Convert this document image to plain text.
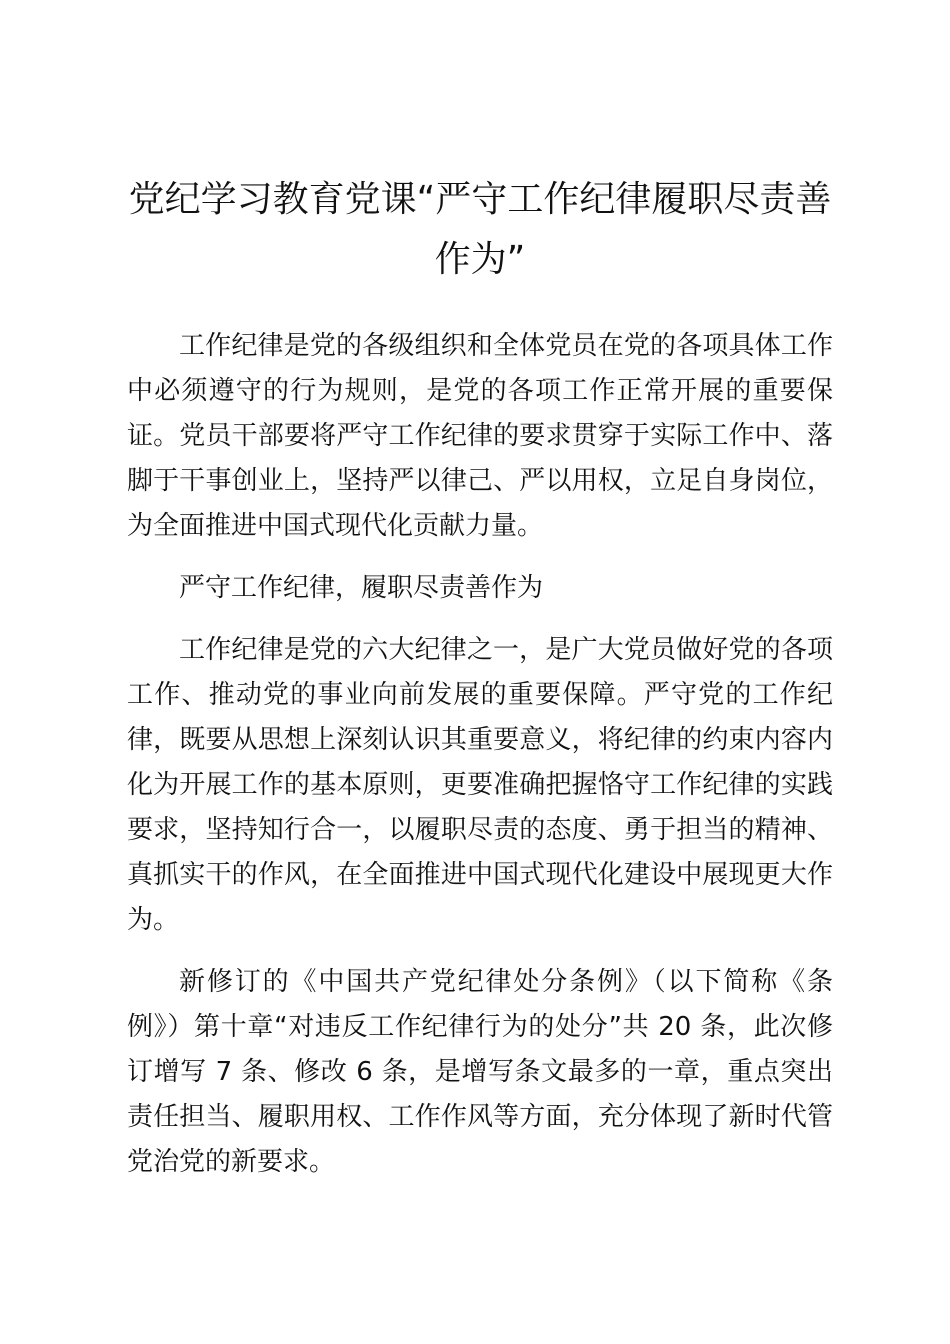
党纪学习教育党课“严守工作纪律履职尽责善作为”

工作纪律是党的各级组织和全体党员在党的各项具体工作中必须遵守的行为规则，是党的各项工作正常开展的重要保证。党员干部要将严守工作纪律的要求贯穿于实际工作中、落脚于干事创业上，坚持严以律己、严以用权，立足自身岗位，为全面推进中国式现代化贡献力量。

严守工作纪律，履职尽责善作为

工作纪律是党的六大纪律之一，是广大党员做好党的各项工作、推动党的事业向前发展的重要保障。严守党的工作纪律，既要从思想上深刻认识其重要意义，将纪律的约束内容内化为开展工作的基本原则，更要准确把握恪守工作纪律的实践要求，坚持知行合一，以履职尽责的态度、勇于担当的精神、真抓实干的作风，在全面推进中国式现代化建设中展现更大作为。

新修订的《中国共产党纪律处分条例》（以下简称《条例》）第十章“对违反工作纪律行为的处分”共 20 条，此次修订增写 7 条、修改 6 条，是增写条文最多的一章，重点突出责任担当、履职用权、工作作风等方面，充分体现了新时代管党治党的新要求。
